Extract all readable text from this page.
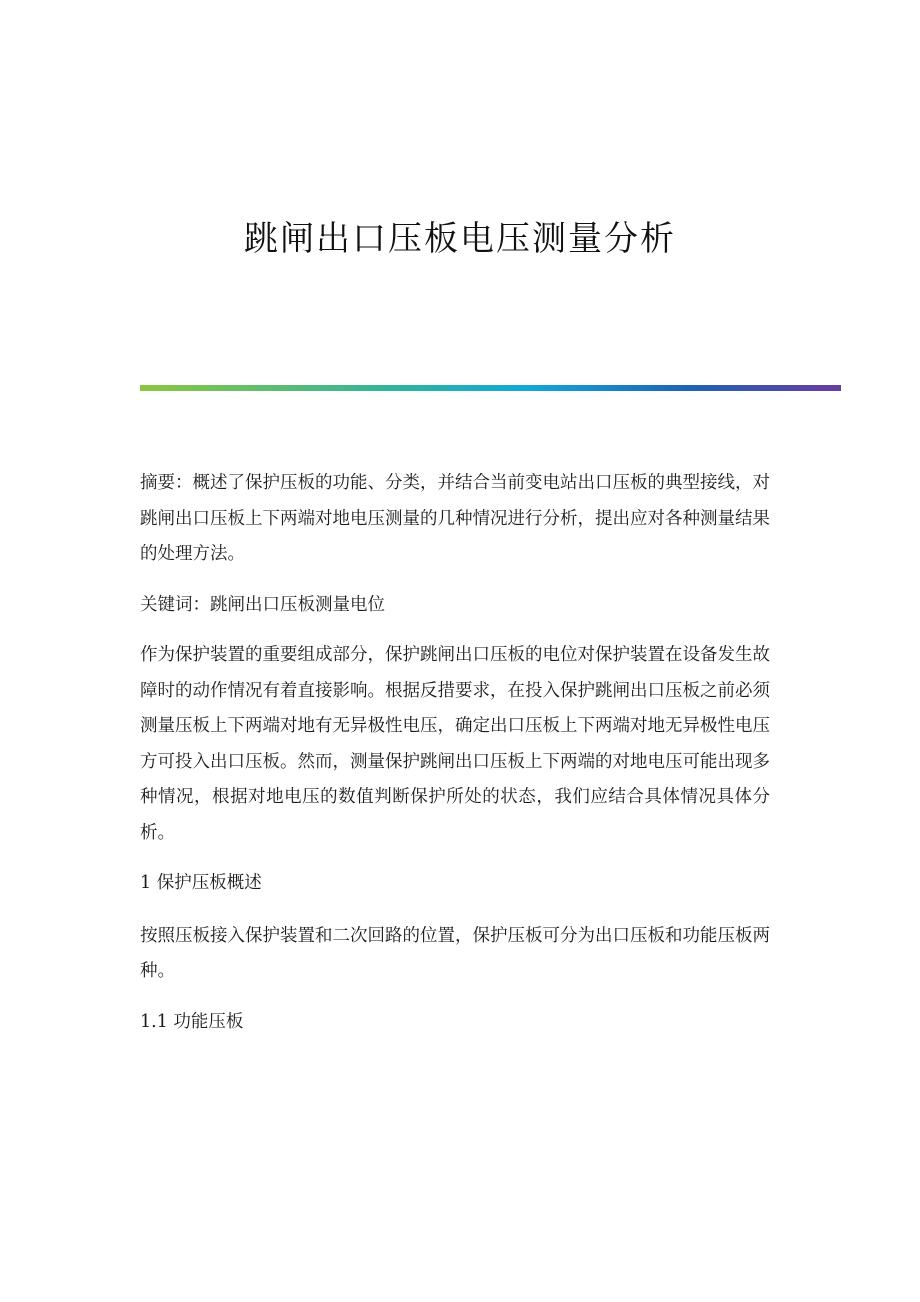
跳闸出口压板电压测量分析

摘要：概述了保护压板的功能、分类，并结合当前变电站出口压板的典型接线，对跳闸出口压板上下两端对地电压测量的几种情况进行分析，提出应对各种测量结果的处理方法。

关键词：跳闸出口压板测量电位

作为保护装置的重要组成部分，保护跳闸出口压板的电位对保护装置在设备发生故障时的动作情况有着直接影响。根据反措要求，在投入保护跳闸出口压板之前必须测量压板上下两端对地有无异极性电压，确定出口压板上下两端对地无异极性电压方可投入出口压板。然而，测量保护跳闸出口压板上下两端的对地电压可能出现多种情况，根据对地电压的数值判断保护所处的状态，我们应结合具体情况具体分析。

1 保护压板概述

按照压板接入保护装置和二次回路的位置，保护压板可分为出口压板和功能压板两种。

1.1 功能压板
